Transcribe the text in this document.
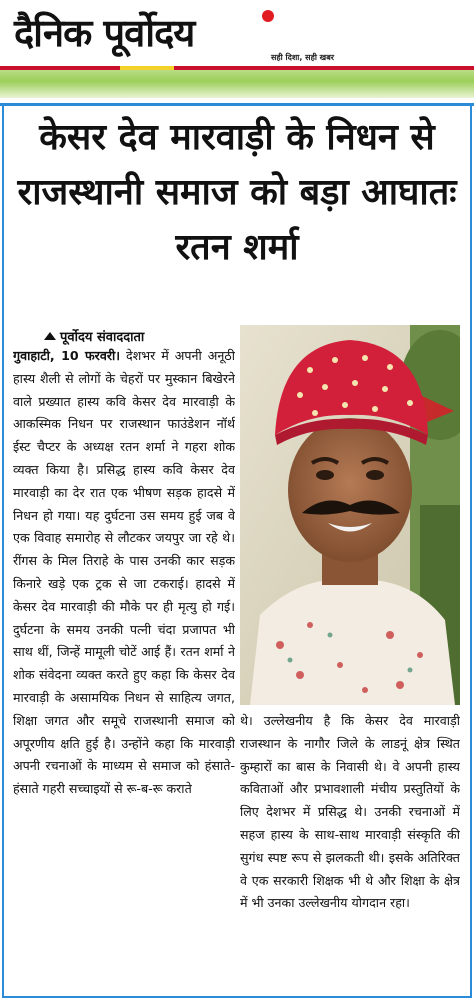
दैनिक पूर्वोदय
सही दिशा, सही खबर
केसर देव मारवाड़ी के निधन से राजस्थानी समाज को बड़ा आघातः रतन शर्मा
पूर्वोदय संवाददाता
गुवाहाटी, 10 फरवरी। देशभर में अपनी अनूठी हास्य शैली से लोगों के चेहरों पर मुस्कान बिखेरने वाले प्रख्यात हास्य कवि केसर देव मारवाड़ी के आकस्मिक निधन पर राजस्थान फाउंडेशन नॉर्थ ईस्ट चैप्टर के अध्यक्ष रतन शर्मा ने गहरा शोक व्यक्त किया है। प्रसिद्ध हास्य कवि केसर देव मारवाड़ी का देर रात एक भीषण सड़क हादसे में निधन हो गया। यह दुर्घटना उस समय हुई जब वे एक विवाह समारोह से लौटकर जयपुर जा रहे थे। रींगस के मिल तिराहे के पास उनकी कार सड़क किनारे खड़े एक ट्रक से जा टकराई। हादसे में केसर देव मारवाड़ी की मौके पर ही मृत्यु हो गई। दुर्घटना के समय उनकी पत्नी चंदा प्रजापत भी साथ थीं, जिन्हें मामूली चोटें आई हैं। रतन शर्मा ने शोक संवेदना व्यक्त करते हुए कहा कि केसर देव मारवाड़ी के असामयिक निधन से साहित्य जगत, शिक्षा जगत और समूचे राजस्थानी समाज को अपूरणीय क्षति हुई है। उन्होंने कहा कि मारवाड़ी अपनी रचनाओं के माध्यम से समाज को हंसाते-हंसाते गहरी सच्चाइयों से रू-ब-रू कराते
थे। उल्लेखनीय है कि केसर देव मारवाड़ी राजस्थान के नागौर जिले के लाडनूं क्षेत्र स्थित कुम्हारों का बास के निवासी थे। वे अपनी हास्य कविताओं और प्रभावशाली मंचीय प्रस्तुतियों के लिए देशभर में प्रसिद्ध थे। उनकी रचनाओं में सहज हास्य के साथ-साथ मारवाड़ी संस्कृति की सुगंध स्पष्ट रूप से झलकती थी। इसके अतिरिक्त वे एक सरकारी शिक्षक भी थे और शिक्षा के क्षेत्र में भी उनका उल्लेखनीय योगदान रहा।
